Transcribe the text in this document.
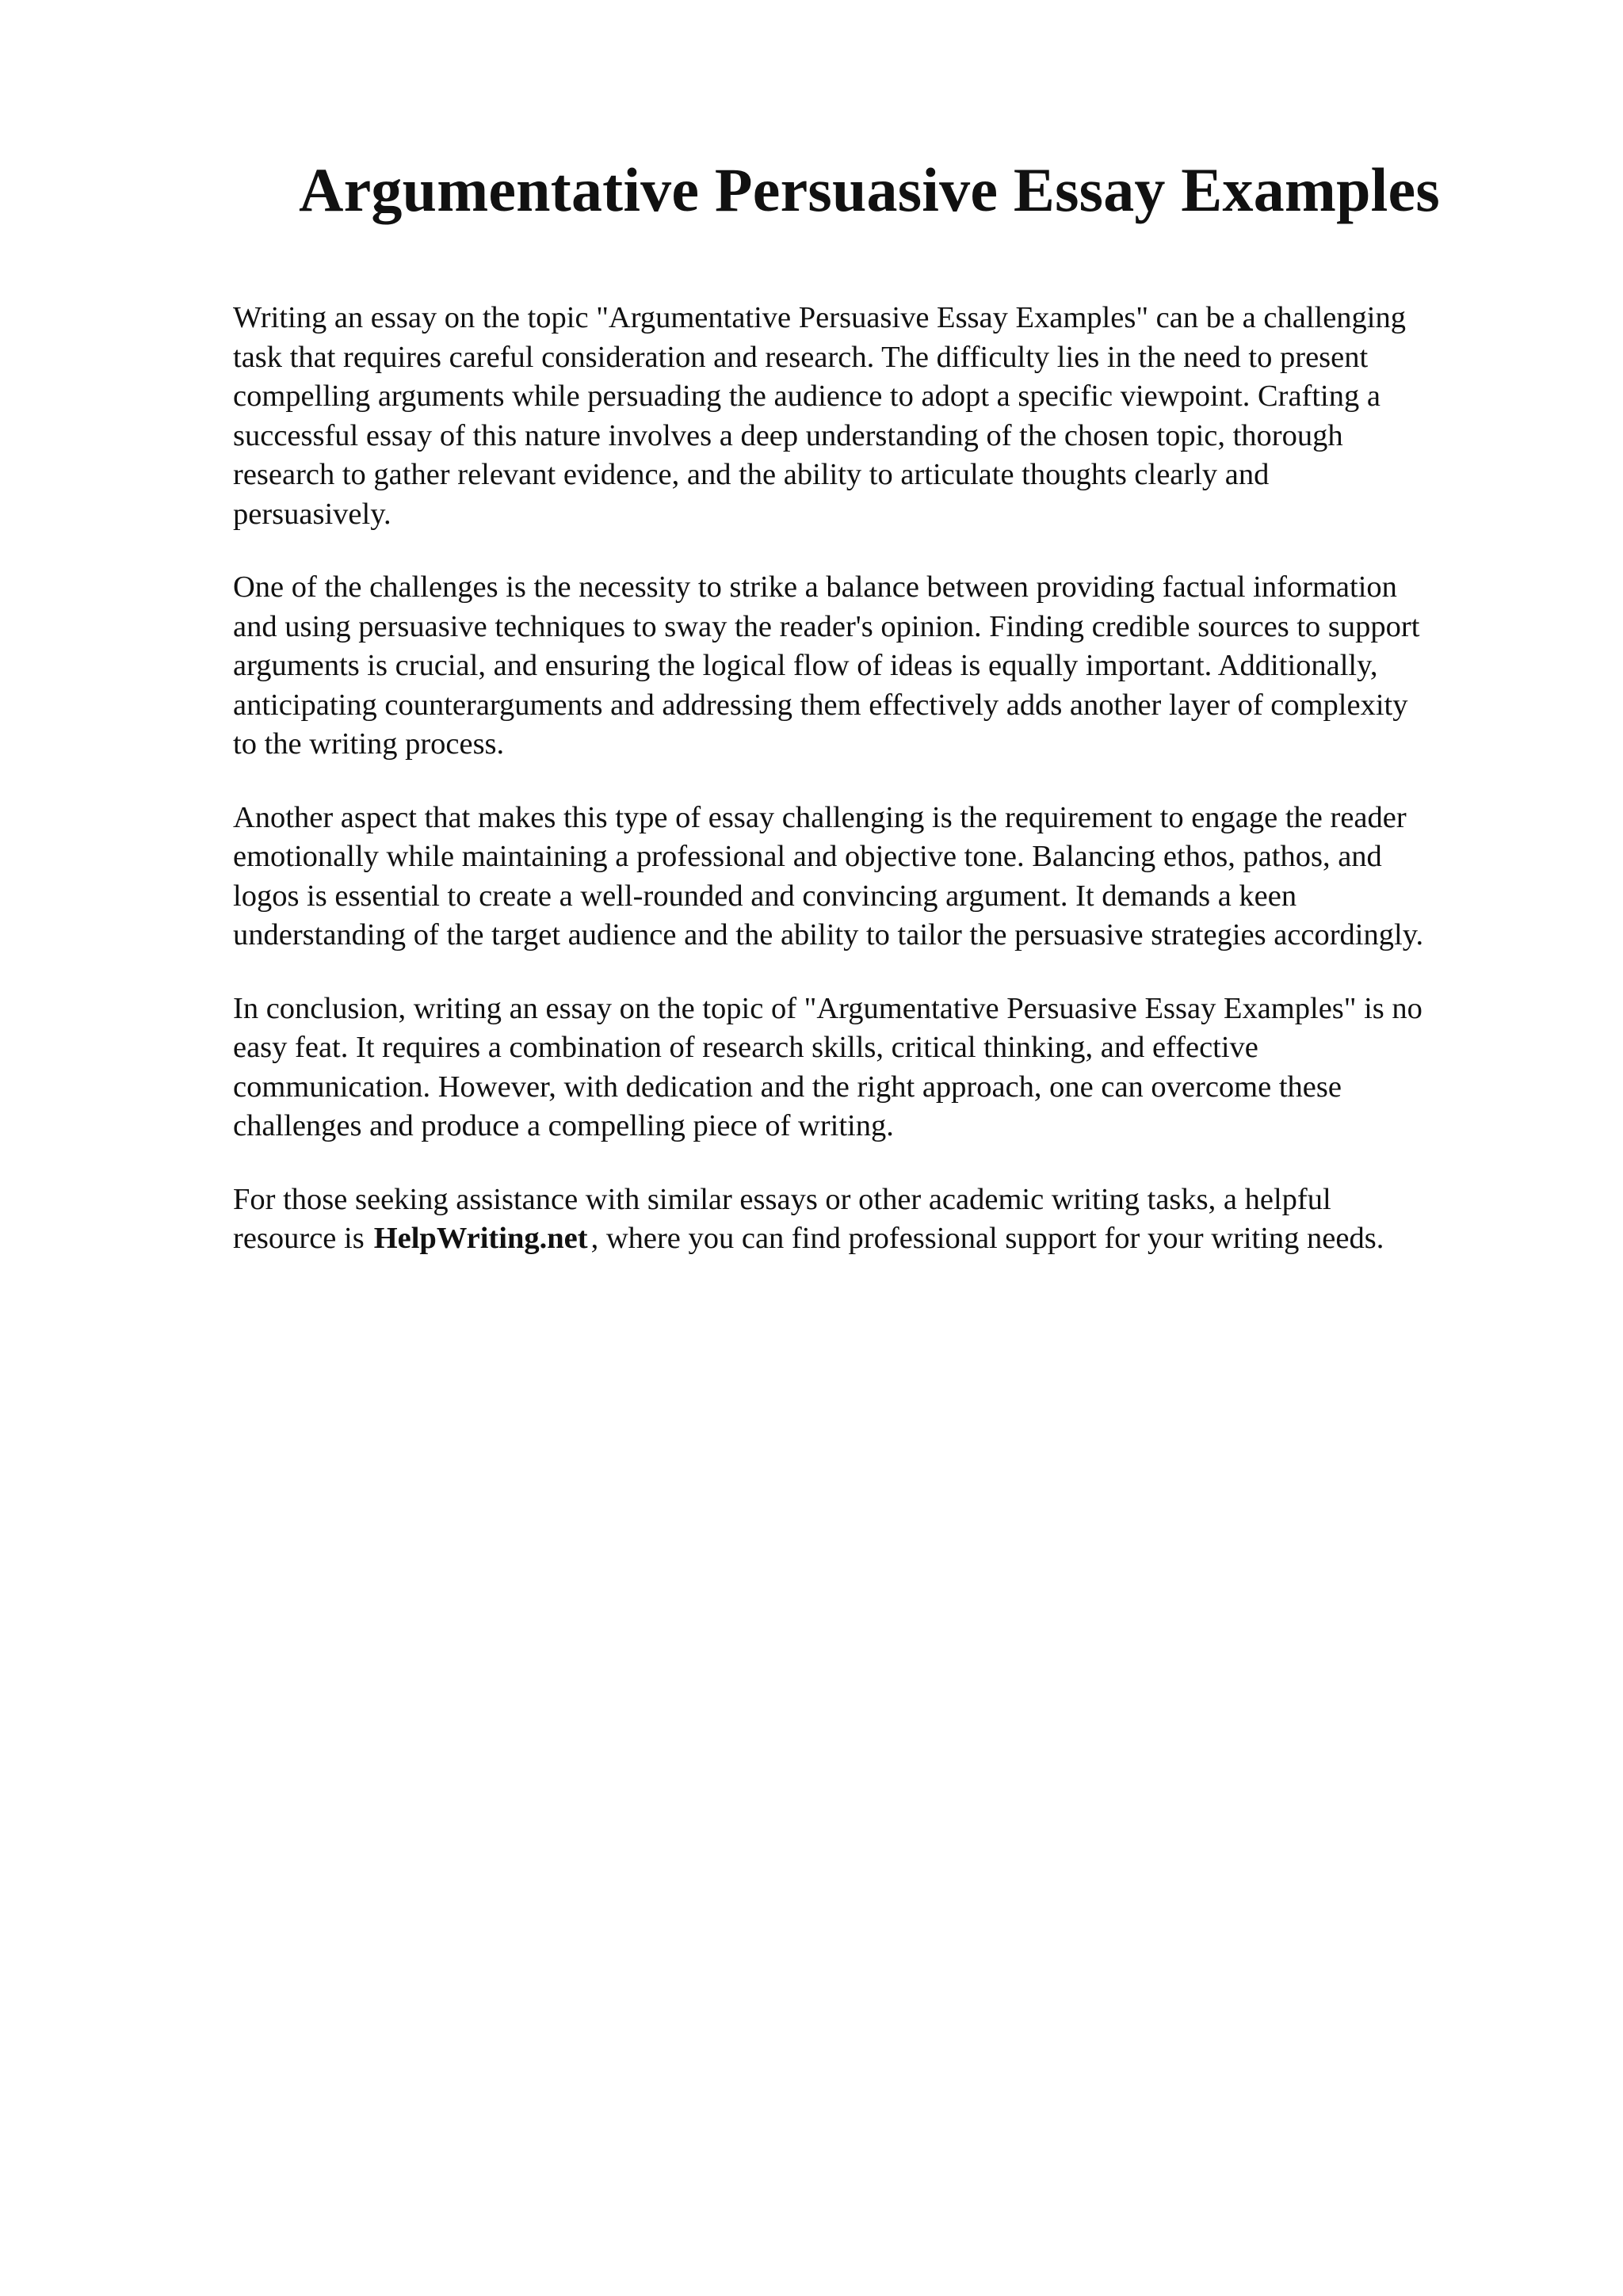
Argumentative Persuasive Essay Examples

Writing an essay on the topic "Argumentative Persuasive Essay Examples" can be a challenging
task that requires careful consideration and research. The difficulty lies in the need to present
compelling arguments while persuading the audience to adopt a specific viewpoint. Crafting a
successful essay of this nature involves a deep understanding of the chosen topic, thorough
research to gather relevant evidence, and the ability to articulate thoughts clearly and
persuasively.

One of the challenges is the necessity to strike a balance between providing factual information
and using persuasive techniques to sway the reader's opinion. Finding credible sources to support
arguments is crucial, and ensuring the logical flow of ideas is equally important. Additionally,
anticipating counterarguments and addressing them effectively adds another layer of complexity
to the writing process.

Another aspect that makes this type of essay challenging is the requirement to engage the reader
emotionally while maintaining a professional and objective tone. Balancing ethos, pathos, and
logos is essential to create a well-rounded and convincing argument. It demands a keen
understanding of the target audience and the ability to tailor the persuasive strategies accordingly.

In conclusion, writing an essay on the topic of "Argumentative Persuasive Essay Examples" is no
easy feat. It requires a combination of research skills, critical thinking, and effective
communication. However, with dedication and the right approach, one can overcome these
challenges and produce a compelling piece of writing.

For those seeking assistance with similar essays or other academic writing tasks, a helpful
resource is HelpWriting.net , where you can find professional support for your writing needs.
